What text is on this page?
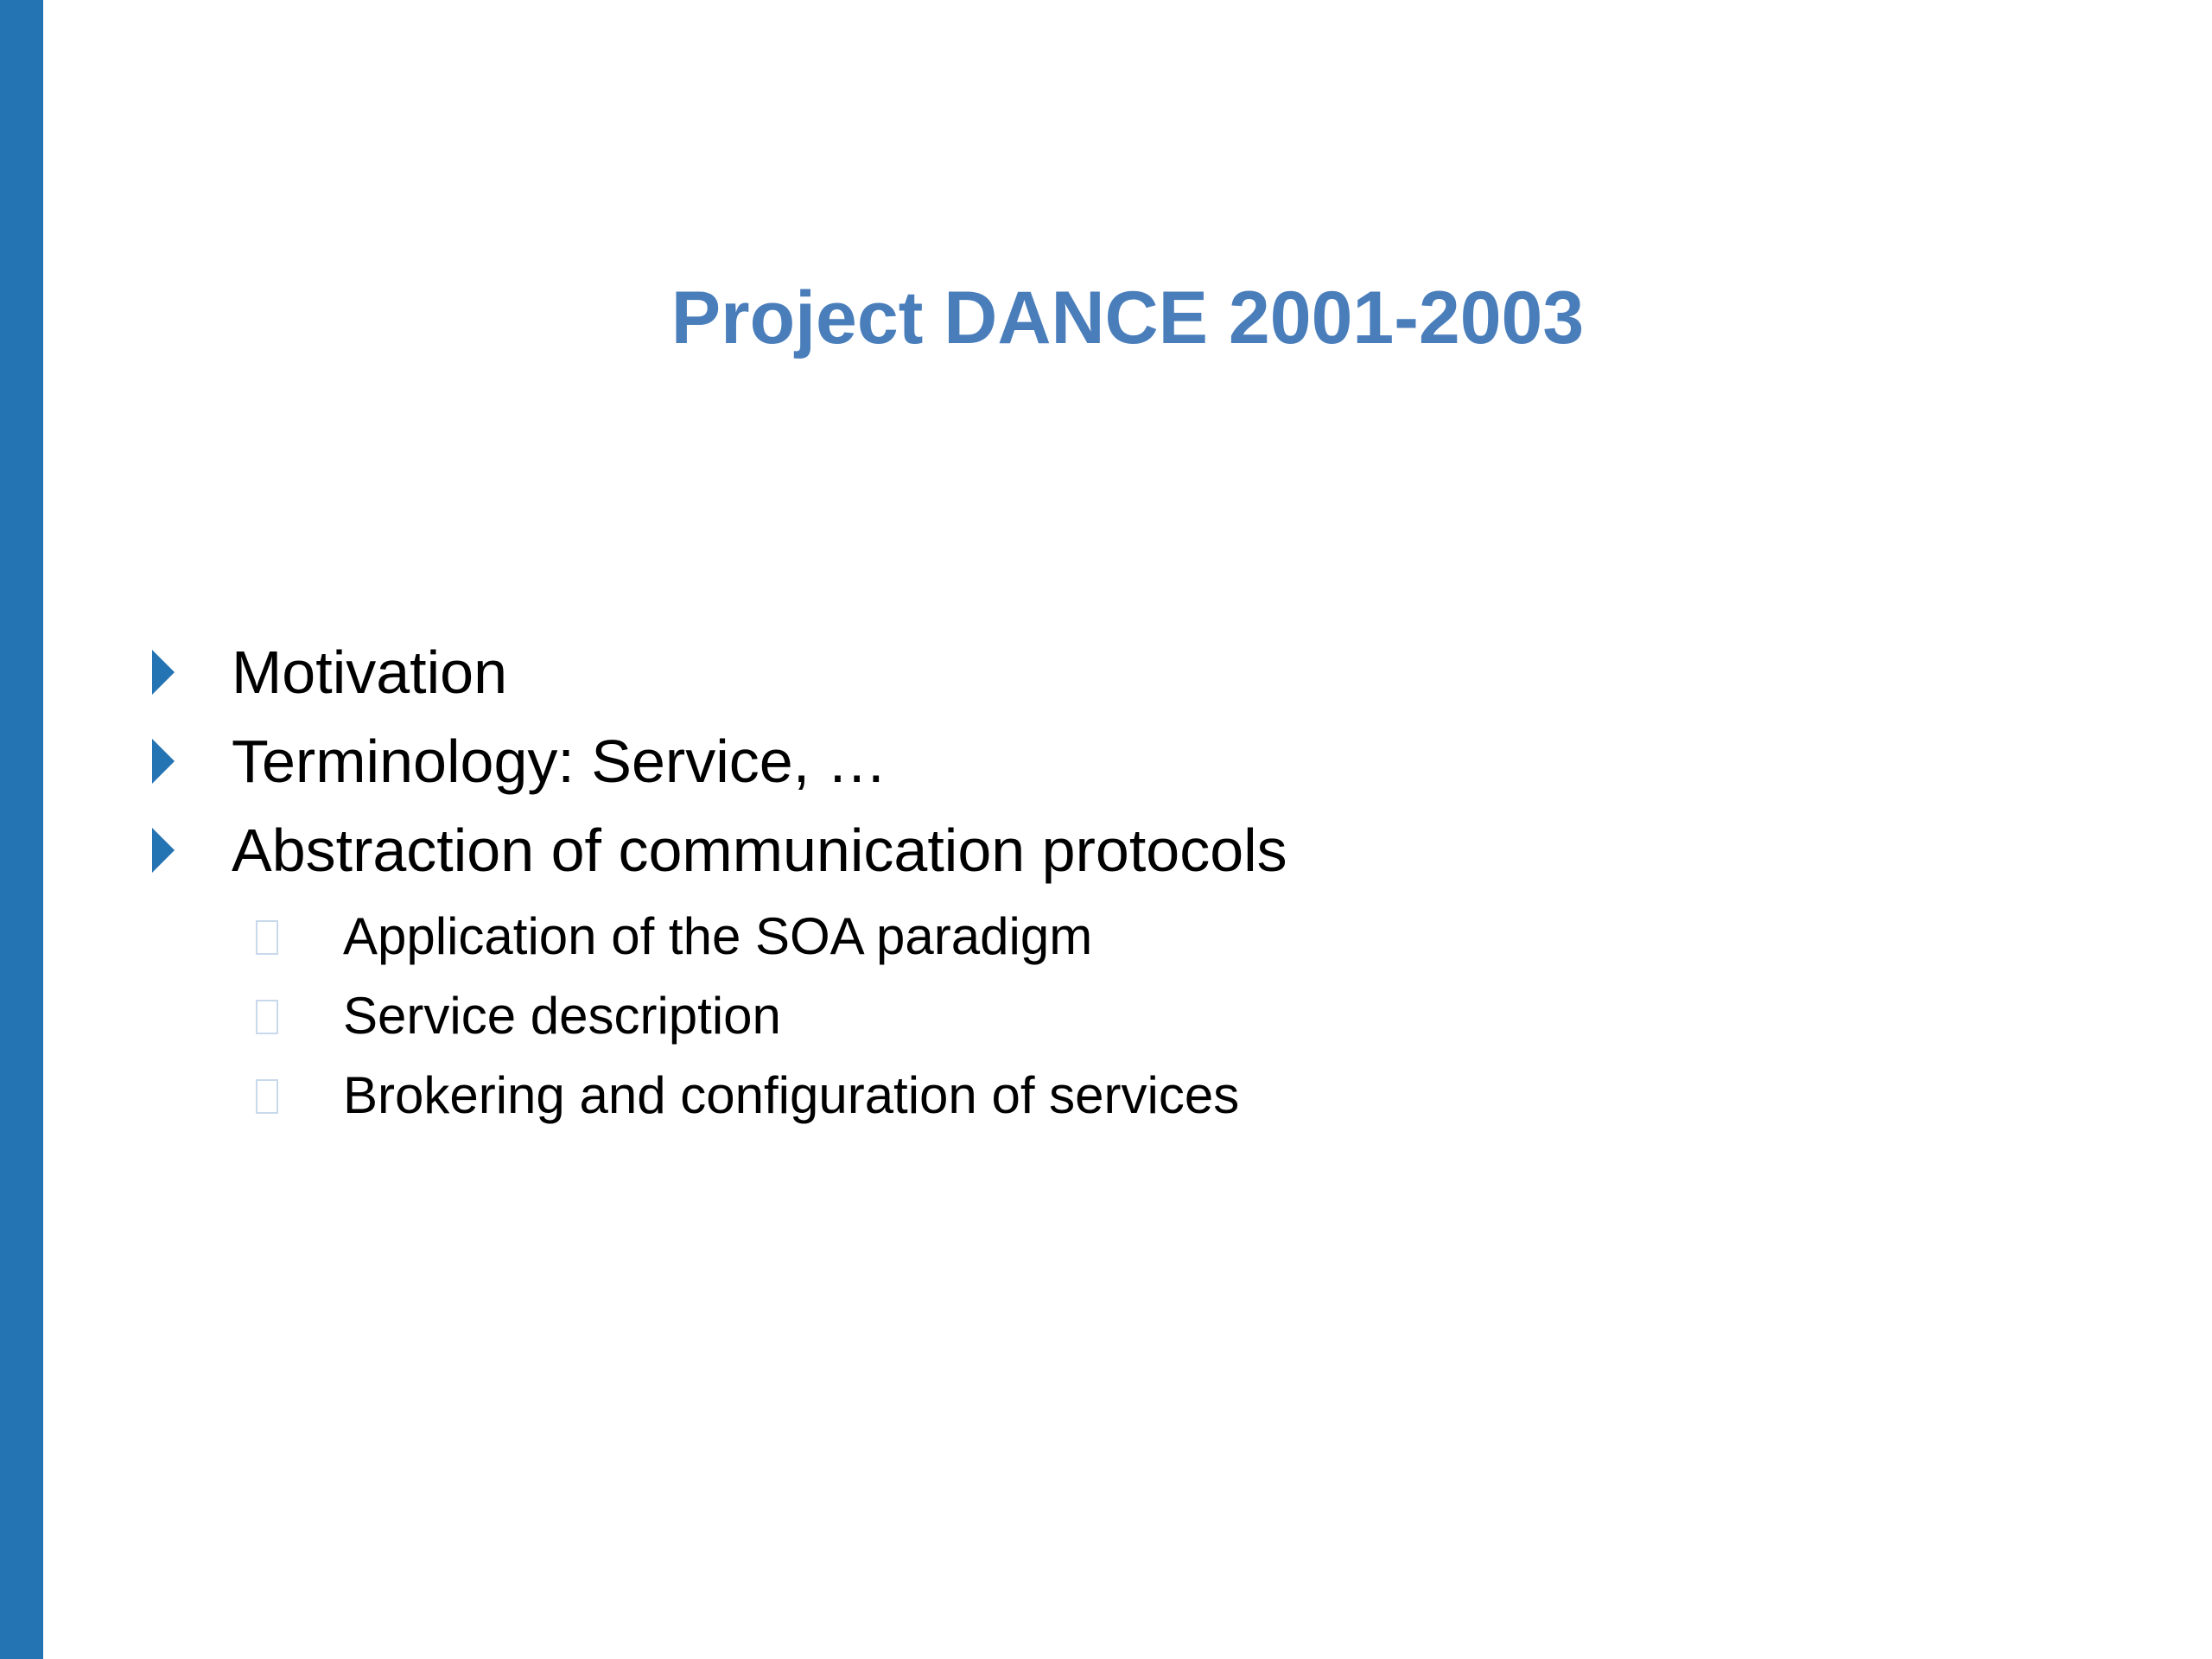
Project DANCE 2001-2003
Motivation
Terminology: Service, …
Abstraction of communication protocols
Application of the SOA paradigm
Service description
Brokering and configuration of services
